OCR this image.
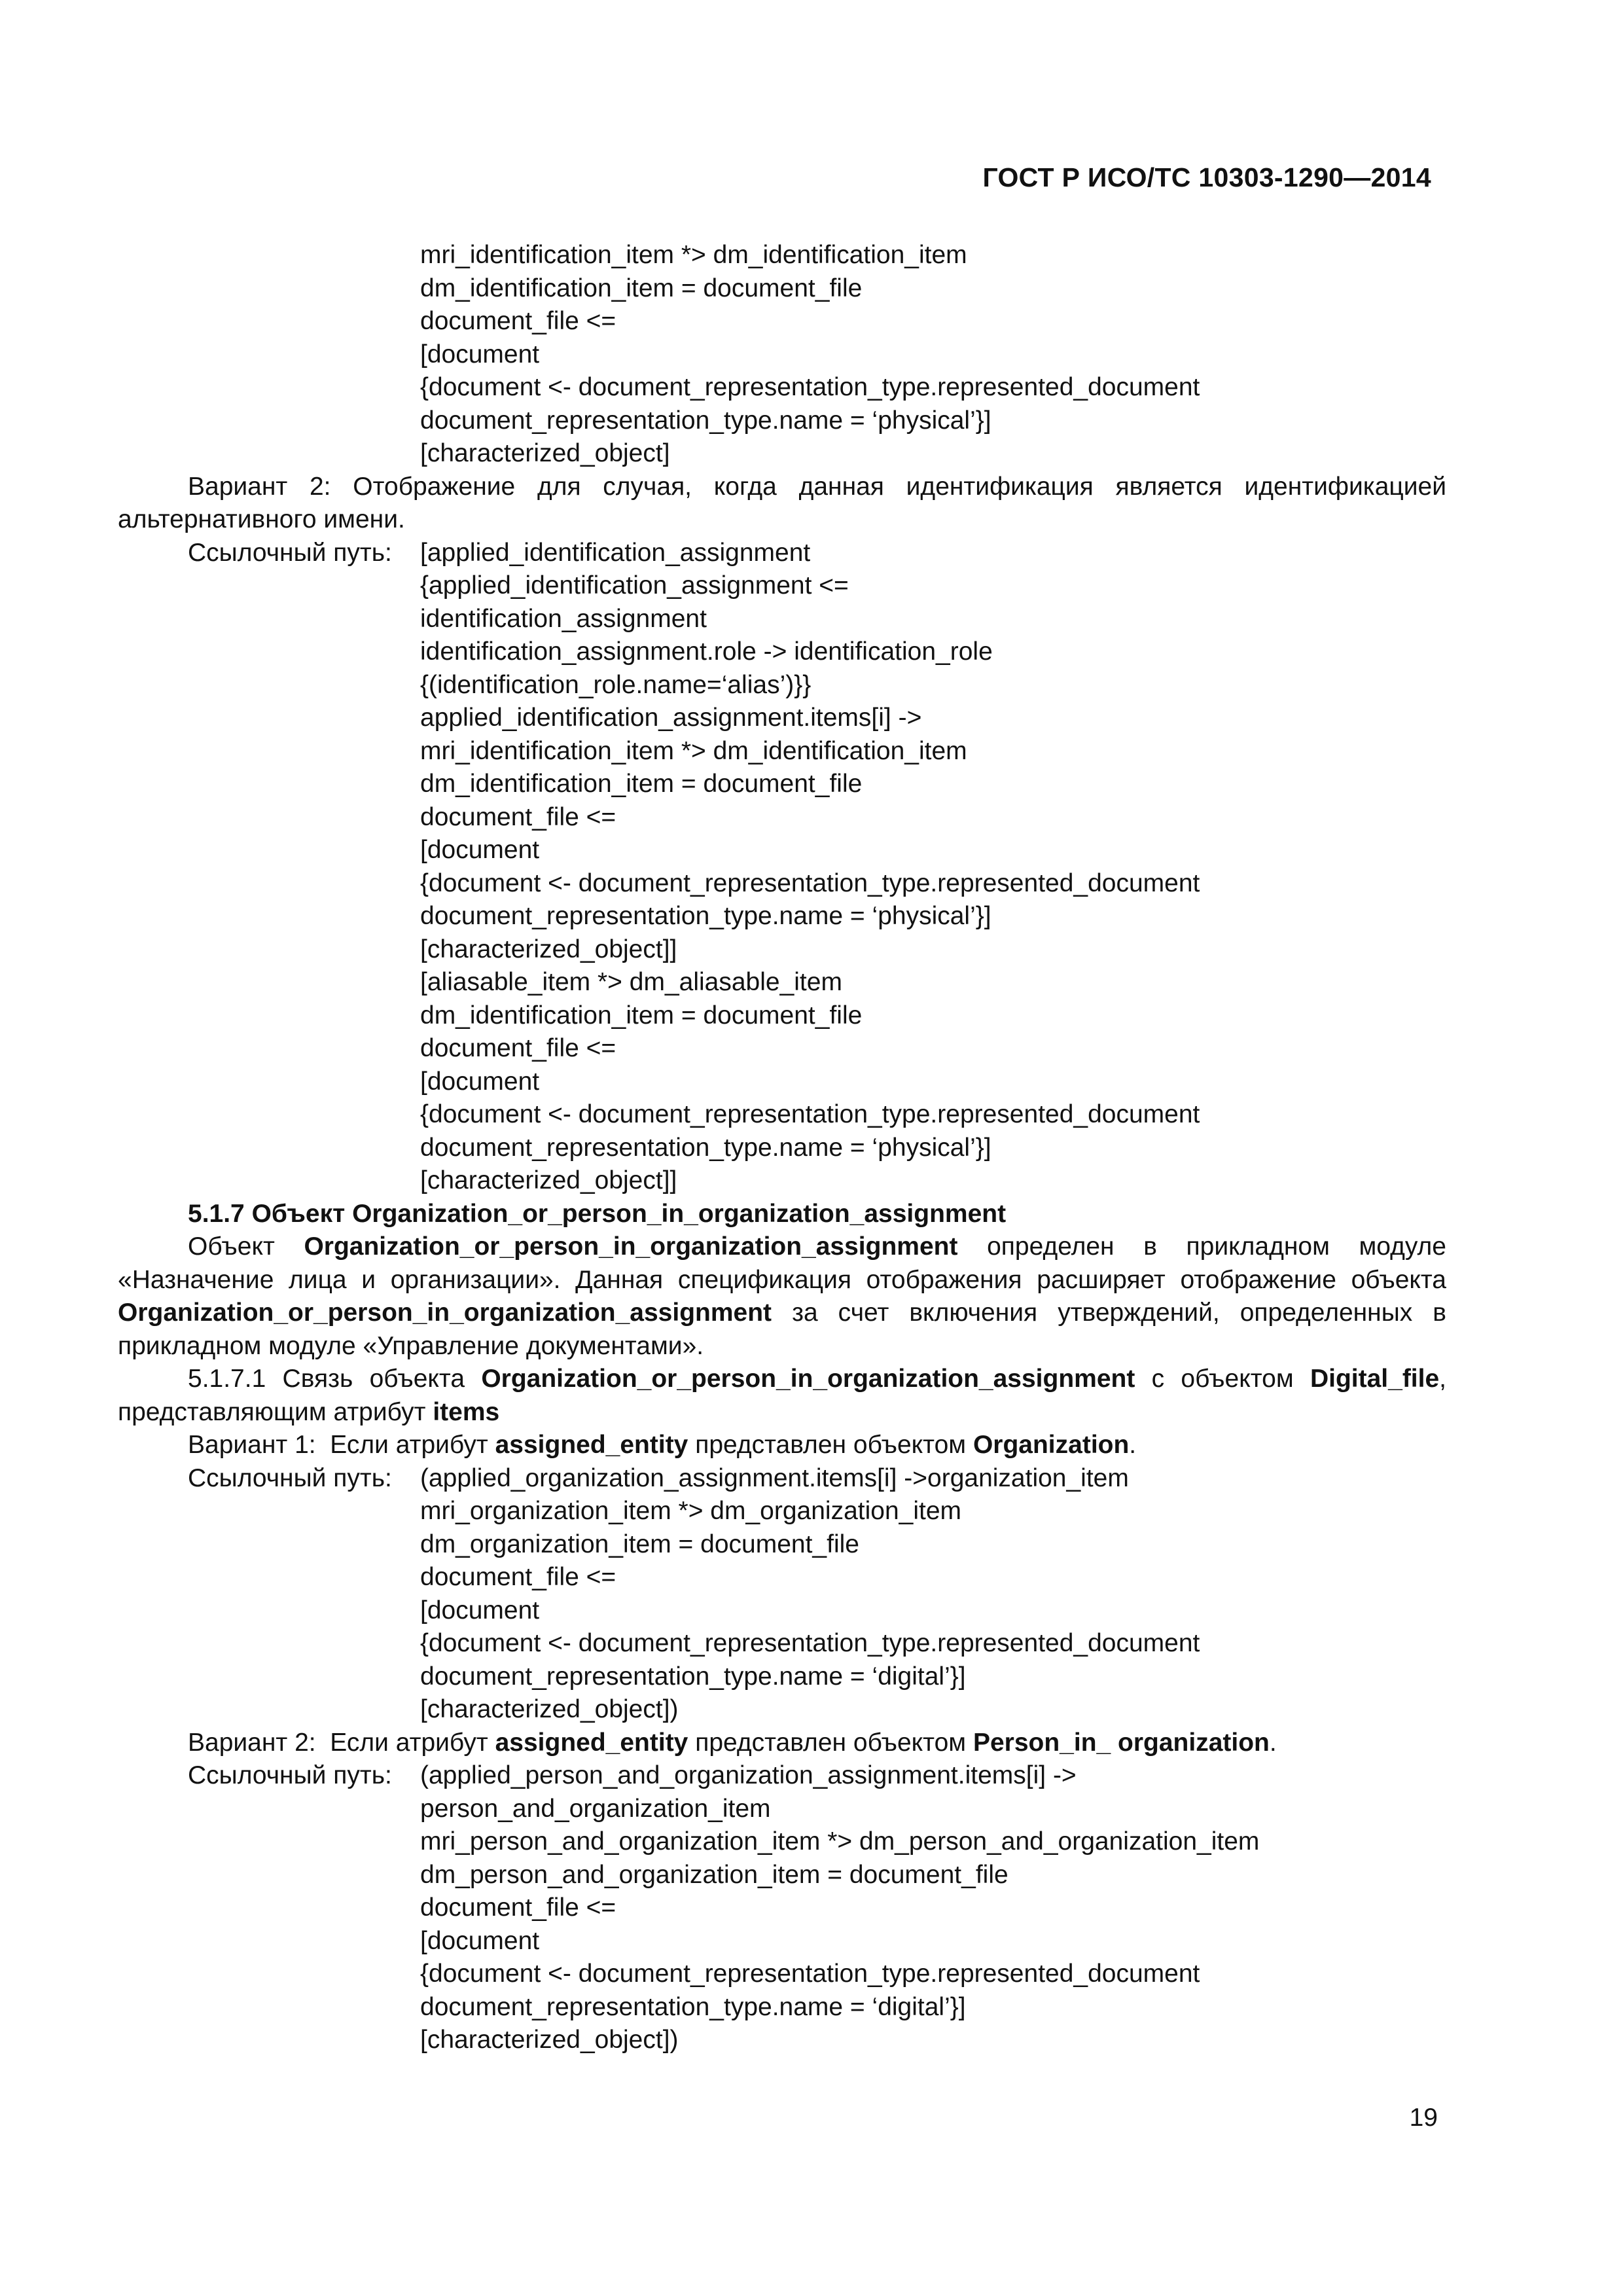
ГОСТ Р ИСО/ТС 10303-1290—2014
mri_identification_item *> dm_identification_item
dm_identification_item = document_file
document_file <=
[document
{document <- document_representation_type.represented_document
document_representation_type.name = ‘physical’}]
[characterized_object]
Вариант 2: Отображение для случая, когда данная идентификация является идентификацией альтернативного имени.
Ссылочный путь: [applied_identification_assignment
{applied_identification_assignment <=
identification_assignment
identification_assignment.role -> identification_role
{(identification_role.name=‘alias’)}}
applied_identification_assignment.items[i] ->
mri_identification_item *> dm_identification_item
dm_identification_item = document_file
document_file <=
[document
{document <- document_representation_type.represented_document
document_representation_type.name = ‘physical’}]
[characterized_object]]
[aliasable_item *> dm_aliasable_item
dm_identification_item = document_file
document_file <=
[document
{document <- document_representation_type.represented_document
document_representation_type.name = ‘physical’}]
[characterized_object]]
5.1.7 Объект Organization_or_person_in_organization_assignment
Объект Organization_or_person_in_organization_assignment определен в прикладном модуле «Назначение лица и организации». Данная спецификация отображения расширяет отображение объекта Organization_or_person_in_organization_assignment за счет включения утверждений, определенных в прикладном модуле «Управление документами».
5.1.7.1 Связь объекта Organization_or_person_in_organization_assignment с объектом Digital_file, представляющим атрибут items
Вариант 1:  Если атрибут assigned_entity представлен объектом Organization.
Ссылочный путь: (applied_organization_assignment.items[i] ->organization_item
mri_organization_item *> dm_organization_item
dm_organization_item = document_file
document_file <=
[document
{document <- document_representation_type.represented_document
document_representation_type.name = ‘digital’}]
[characterized_object])
Вариант 2:  Если атрибут assigned_entity представлен объектом Person_in_ organization.
Ссылочный путь: (applied_person_and_organization_assignment.items[i] ->
person_and_organization_item
mri_person_and_organization_item *> dm_person_and_organization_item
dm_person_and_organization_item = document_file
document_file <=
[document
{document <- document_representation_type.represented_document
document_representation_type.name = ‘digital’}]
[characterized_object])
19
